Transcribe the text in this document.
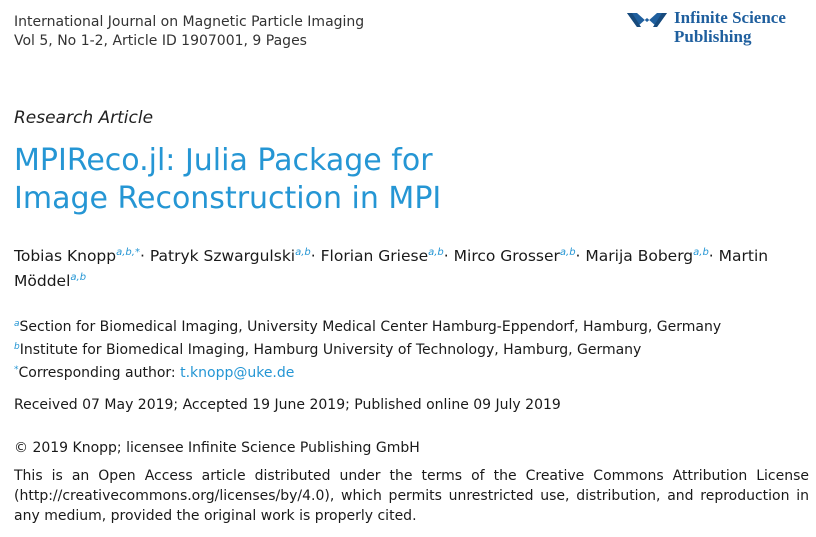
International Journal on Magnetic Particle Imaging
Vol 5, No 1-2, Article ID 1907001, 9 Pages
Infinite Science
Publishing
Research Article
MPIReco.jl: Julia Package for
Image Reconstruction in MPI
Tobias Knopp$^{a,b,*}$· Patryk Szwargulski$^{a,b}$· Florian Griese$^{a,b}$· Mirco Grosser$^{a,b}$· Marija Boberg$^{a,b}$· Martin Möddel$^{a,b}$
$^a$Section for Biomedical Imaging, University Medical Center Hamburg-Eppendorf, Hamburg, Germany
$^b$Institute for Biomedical Imaging, Hamburg University of Technology, Hamburg, Germany
*Corresponding author: t.knopp@uke.de
Received 07 May 2019; Accepted 19 June 2019; Published online 09 July 2019
© 2019 Knopp; licensee Infinite Science Publishing GmbH
This is an Open Access article distributed under the terms of the Creative Commons Attribution License (http://creativecommons.org/licenses/by/4.0), which permits unrestricted use, distribution, and reproduction in any medium, provided the original work is properly cited.
